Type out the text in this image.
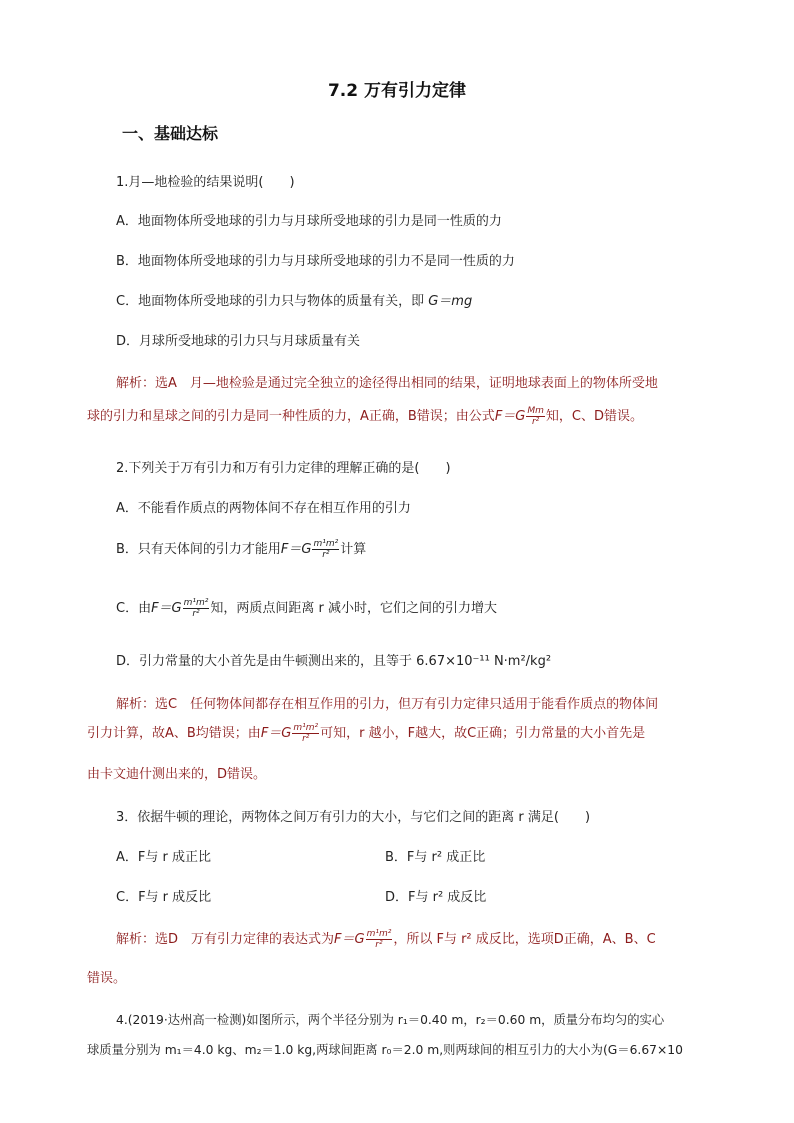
7.2 万有引力定律
一、基础达标
1.月—地检验的结果说明(　　)
A．地面物体所受地球的引力与月球所受地球的引力是同一性质的力
B．地面物体所受地球的引力与月球所受地球的引力不是同一性质的力
C．地面物体所受地球的引力只与物体的质量有关，即 G＝mg
D．月球所受地球的引力只与月球质量有关
解析：选A　月—地检验是通过完全独立的途径得出相同的结果，证明地球表面上的物体所受地
球的引力和星球之间的引力是同一种性质的力，A正确，B错误；由公式$F=G \frac{Mm}{\text{r²}}$ 知，C、D错误。
2.下列关于万有引力和万有引力定律的理解正确的是(　　)
A．不能看作质点的两物体间不存在相互作用的引力
B．只有天体间的引力才能用$F=G \frac{\text{m¹m²}}{\text{r²}}$ 计算
C．由$F=G \frac{\text{m¹m²}}{\text{r²}}$ 知，两质点间距离 r 减小时，它们之间的引力增大
D．引力常量的大小首先是由牛顿测出来的，且等于 6.67×10⁻¹¹ N·m²/kg²
解析：选C　任何物体间都存在相互作用的引力，但万有引力定律只适用于能看作质点的物体间
引力计算，故A、B均错误；由$F=G \frac{\text{m¹m²}}{\text{r²}}$ 可知，r 越小，F越大，故C正确；引力常量的大小首先是
由卡文迪什测出来的，D错误。
3．依据牛顿的理论，两物体之间万有引力的大小，与它们之间的距离 r 满足(　　)
A．F与 r 成正比	B．F与 r² 成正比
C．F与 r 成反比	D．F与 r² 成反比
解析：选D　万有引力定律的表达式为$F=G \frac{\text{m¹m²}}{\text{r²}}$ ，所以 F与 r² 成反比，选项D正确，A、B、C
错误。
4.(2019·达州高一检测)如图所示，两个半径分别为 r₁＝0.40 m，r₂＝0.60 m，质量分布均匀的实心
球质量分别为 m₁＝4.0 kg、m₂＝1.0 kg,两球间距离 r₀＝2.0 m,则两球间的相互引力的大小为(G＝6.67×10
